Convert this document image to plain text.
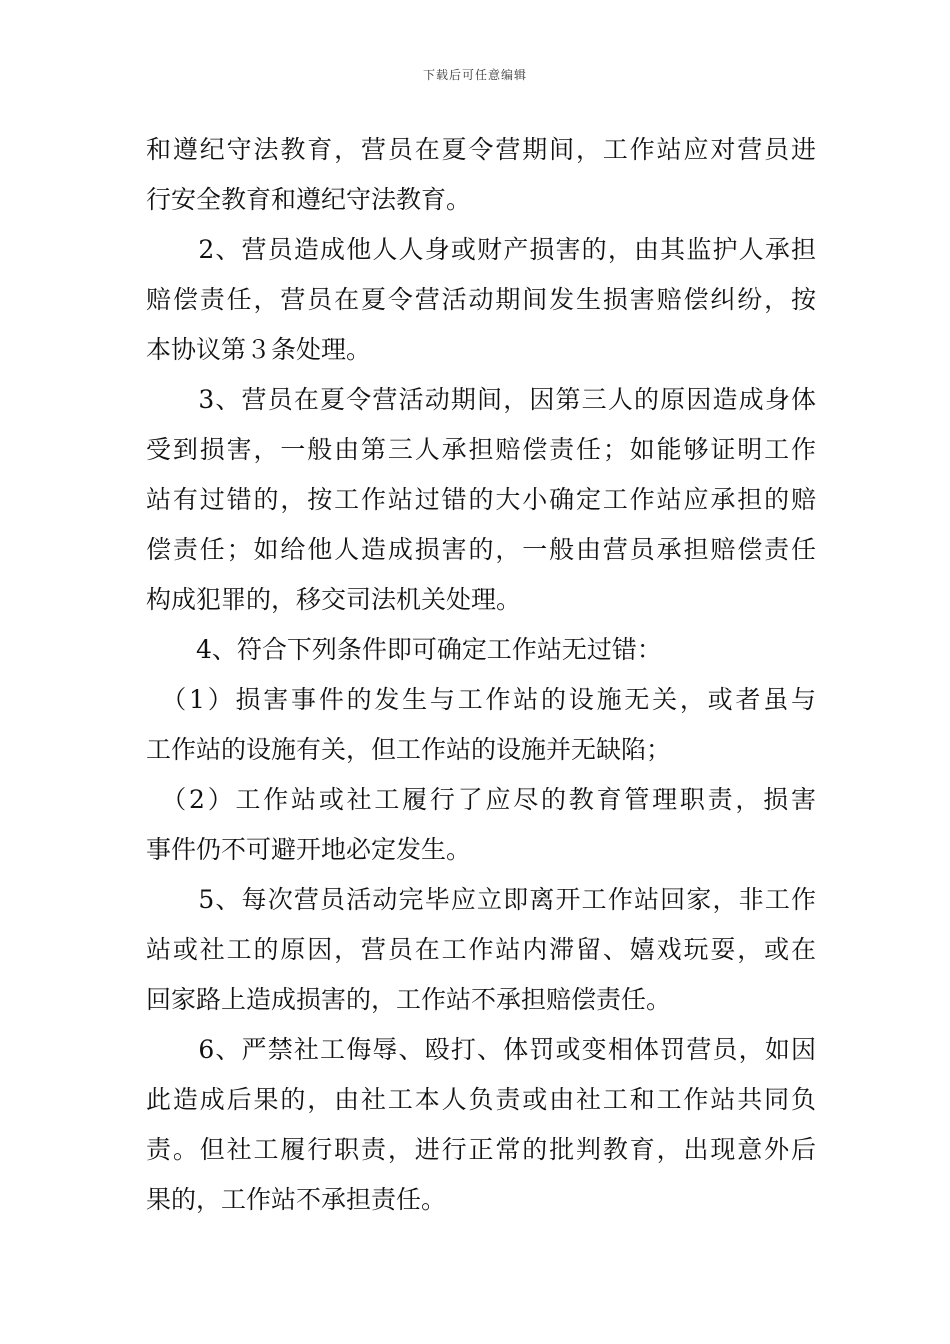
下载后可任意编辑
和遵纪守法教育，营员在夏令营期间，工作站应对营员进
行安全教育和遵纪守法教育。
　　2、营员造成他人人身或财产损害的，由其监护人承担
赔偿责任，营员在夏令营活动期间发生损害赔偿纠纷，按
本协议第３条处理。
　　3、营员在夏令营活动期间，因第三人的原因造成身体
受到损害，一般由第三人承担赔偿责任；如能够证明工作
站有过错的，按工作站过错的大小确定工作站应承担的赔
偿责任；如给他人造成损害的，一般由营员承担赔偿责任
构成犯罪的，移交司法机关处理。
　　4、符合下列条件即可确定工作站无过错：
　（1）损害事件的发生与工作站的设施无关，或者虽与
工作站的设施有关，但工作站的设施并无缺陷；
　（2）工作站或社工履行了应尽的教育管理职责，损害
事件仍不可避开地必定发生。
　　5、每次营员活动完毕应立即离开工作站回家，非工作
站或社工的原因，营员在工作站内滞留、嬉戏玩耍，或在
回家路上造成损害的，工作站不承担赔偿责任。
　　6、严禁社工侮辱、殴打、体罚或变相体罚营员，如因
此造成后果的，由社工本人负责或由社工和工作站共同负
责。但社工履行职责，进行正常的批判教育，出现意外后
果的，工作站不承担责任。
